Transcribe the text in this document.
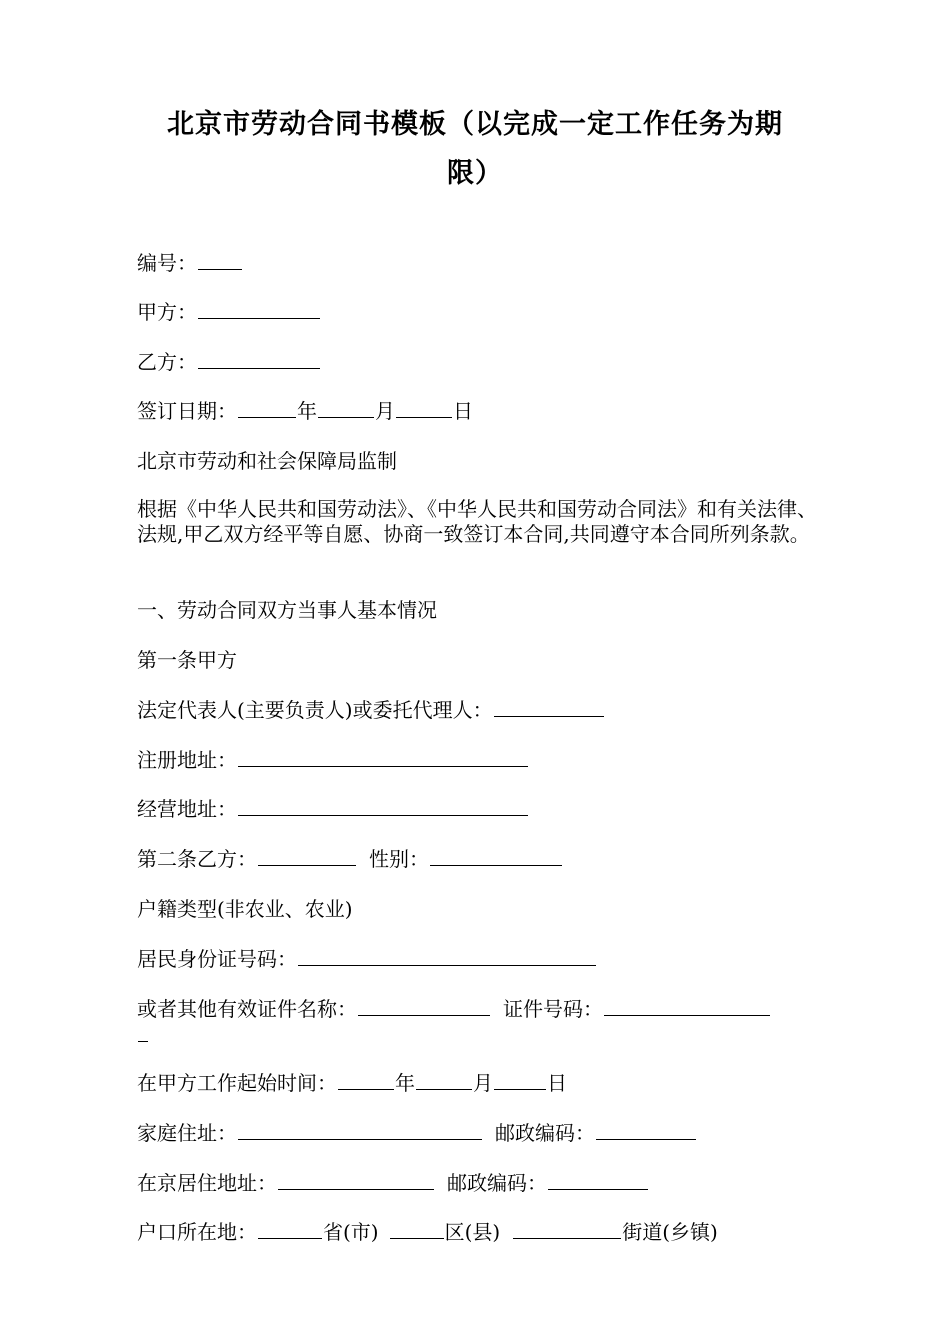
北京市劳动合同书模板（以完成一定工作任务为期
限）
编号：
甲方：
乙方：
签订日期：	年	月	日
北京市劳动和社会保障局监制
根据《中华人民共和国劳动法》、《中华人民共和国劳动合同法》和有关法律、法规,甲乙双方经平等自愿、协商一致签订本合同,共同遵守本合同所列条款。
一、劳动合同双方当事人基本情况
第一条甲方
法定代表人(主要负责人)或委托代理人：
注册地址：
经营地址：
第二条乙方：	性别：
户籍类型(非农业、农业)
居民身份证号码：
或者其他有效证件名称：	证件号码：
在甲方工作起始时间：	年	月	日
家庭住址：	邮政编码：
在京居住地址：	邮政编码：
户口所在地：	省(市)	区(县)	街道(乡镇)
